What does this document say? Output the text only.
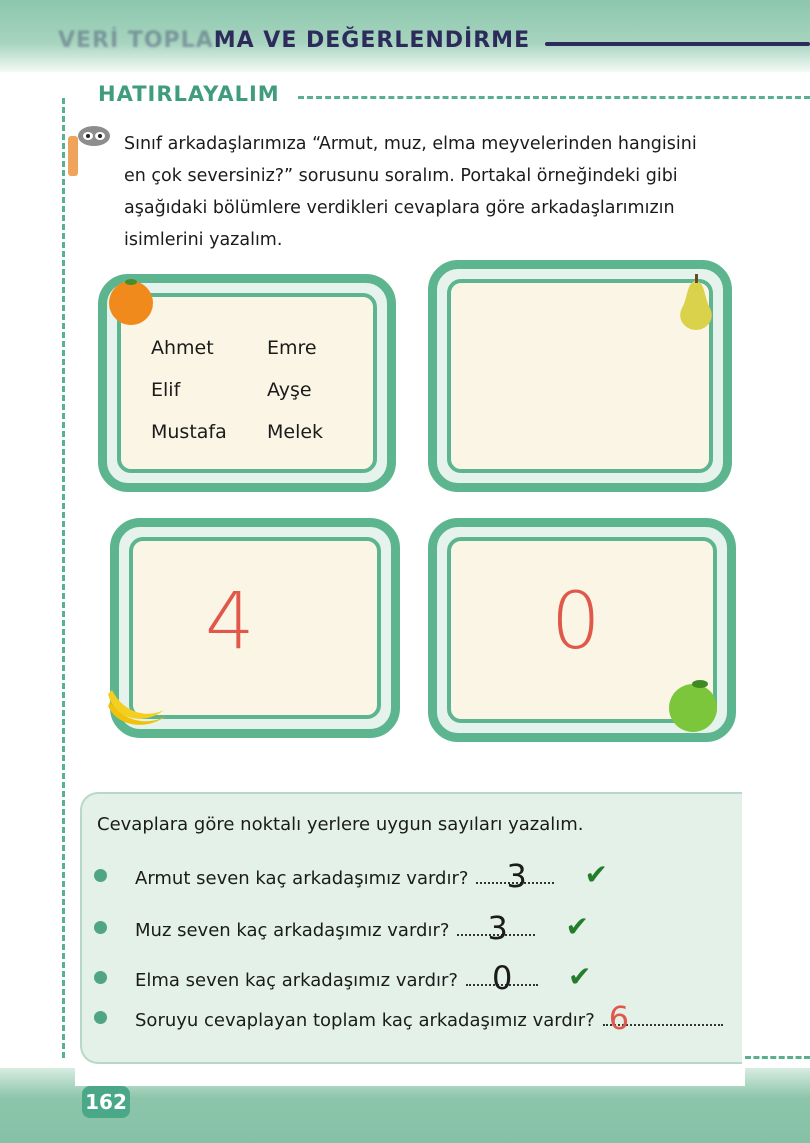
VERİ TOPLAMA VE DEĞERLENDİRME
HATIRLAYALIM

Sınıf arkadaşlarımıza “Armut, muz, elma meyvelerinden hangisini en çok seversiniz?” sorusunu soralım. Portakal örneğindeki gibi aşağıdaki bölümlere verdikleri cevaplara göre arkadaşlarımızın isimlerini yazalım.

Ahmet	Emre
Elif	Ayşe
Mustafa	Melek
4	0
Cevaplara göre noktalı yerlere uygun sayıları yazalım.
Armut seven kaç arkadaşımız vardır? 3 ✔
Muz seven kaç arkadaşımız vardır? 3 ✔
Elma seven kaç arkadaşımız vardır? 0 ✔
Soruyu cevaplayan toplam kaç arkadaşımız vardır? 6
162
